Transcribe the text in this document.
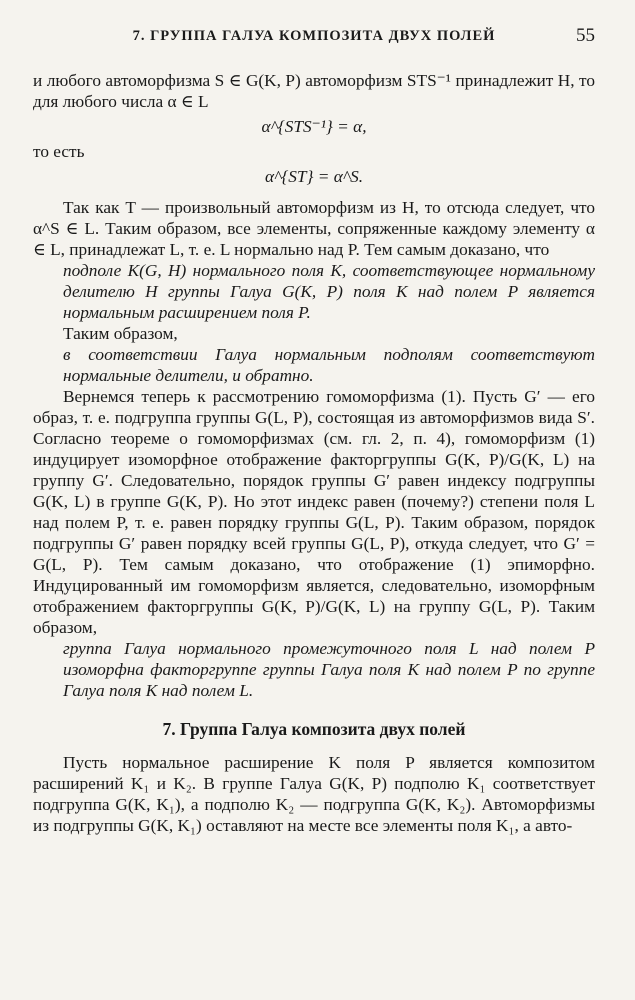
7. ГРУППА ГАЛУА КОМПОЗИТА ДВУХ ПОЛЕЙ	55

и любого автоморфизма S ∈ G(K, P) автоморфизм STS⁻¹ принадлежит H, то для любого числа α ∈ L

α^{STS⁻¹} = α,

то есть

α^{ST} = α^S.

Так как T — произвольный автоморфизм из H, то отсюда следует, что α^S ∈ L. Таким образом, все элементы, сопряженные каждому элементу α ∈ L, принадлежат L, т. е. L нормально над P. Тем самым доказано, что

подполе K(G, H) нормального поля K, соответствующее нормальному делителю H группы Галуа G(K, P) поля K над полем P является нормальным расширением поля P.

Таким образом,

в соответствии Галуа нормальным подполям соответствуют нормальные делители, и обратно.

Вернемся теперь к рассмотрению гомоморфизма (1). Пусть G′ — его образ, т. е. подгруппа группы G(L, P), состоящая из автоморфизмов вида S′. Согласно теореме о гомоморфизмах (см. гл. 2, п. 4), гомоморфизм (1) индуцирует изоморфное отображение факторгруппы G(K, P)/G(K, L) на группу G′. Следовательно, порядок группы G′ равен индексу подгруппы G(K, L) в группе G(K, P). Но этот индекс равен (почему?) степени поля L над полем P, т. е. равен порядку группы G(L, P). Таким образом, порядок подгруппы G′ равен порядку всей группы G(L, P), откуда следует, что G′ = G(L, P). Тем самым доказано, что отображение (1) эпиморфно. Индуцированный им гомоморфизм является, следовательно, изоморфным отображением факторгруппы G(K, P)/G(K, L) на группу G(L, P). Таким образом,

группа Галуа нормального промежуточного поля L над полем P изоморфна факторгруппе группы Галуа поля K над полем P по группе Галуа поля K над полем L.

7. Группа Галуа композита двух полей

Пусть нормальное расширение K поля P является композитом расширений K₁ и K₂. В группе Галуа G(K, P) подполю K₁ соответствует подгруппа G(K, K₁), а подполю K₂ — подгруппа G(K, K₂). Автоморфизмы из подгруппы G(K, K₁) оставляют на месте все элементы поля K₁, а авто-
